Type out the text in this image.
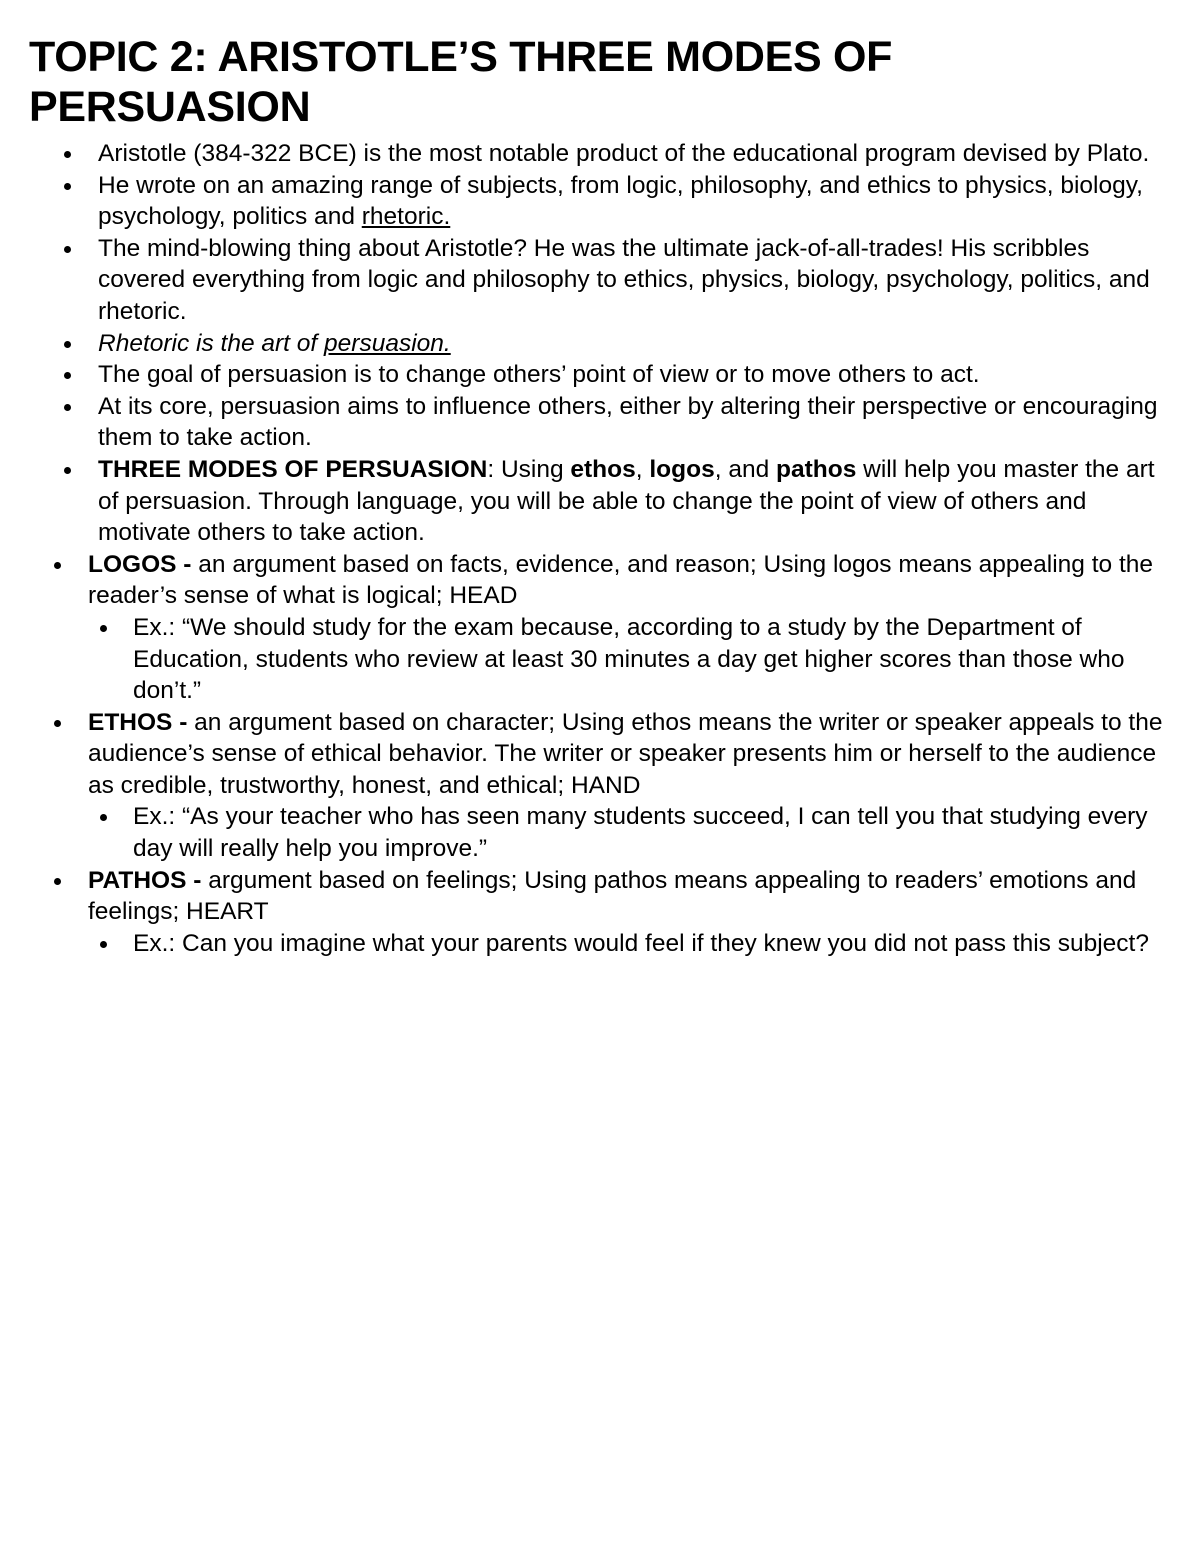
TOPIC 2: ARISTOTLE’S THREE MODES OF PERSUASION
Aristotle (384-322 BCE) is the most notable product of the educational program devised by Plato.
He wrote on an amazing range of subjects, from logic, philosophy, and ethics to physics, biology, psychology, politics and rhetoric.
The mind-blowing thing about Aristotle? He was the ultimate jack-of-all-trades! His scribbles covered everything from logic and philosophy to ethics, physics, biology, psychology, politics, and rhetoric.
Rhetoric is the art of persuasion.
The goal of persuasion is to change others’ point of view or to move others to act.
At its core, persuasion aims to influence others, either by altering their perspective or encouraging them to take action.
THREE MODES OF PERSUASION: Using ethos, logos, and pathos will help you master the art of persuasion. Through language, you will be able to change the point of view of others and motivate others to take action.
LOGOS - an argument based on facts, evidence, and reason; Using logos means appealing to the reader’s sense of what is logical; HEAD
Ex.: “We should study for the exam because, according to a study by the Department of Education, students who review at least 30 minutes a day get higher scores than those who don’t.”
ETHOS - an argument based on character; Using ethos means the writer or speaker appeals to the audience’s sense of ethical behavior. The writer or speaker presents him or herself to the audience as credible, trustworthy, honest, and ethical; HAND
Ex.: “As your teacher who has seen many students succeed, I can tell you that studying every day will really help you improve.”
PATHOS - argument based on feelings; Using pathos means appealing to readers’ emotions and feelings; HEART
Ex.: Can you imagine what your parents would feel if they knew you did not pass this subject?
